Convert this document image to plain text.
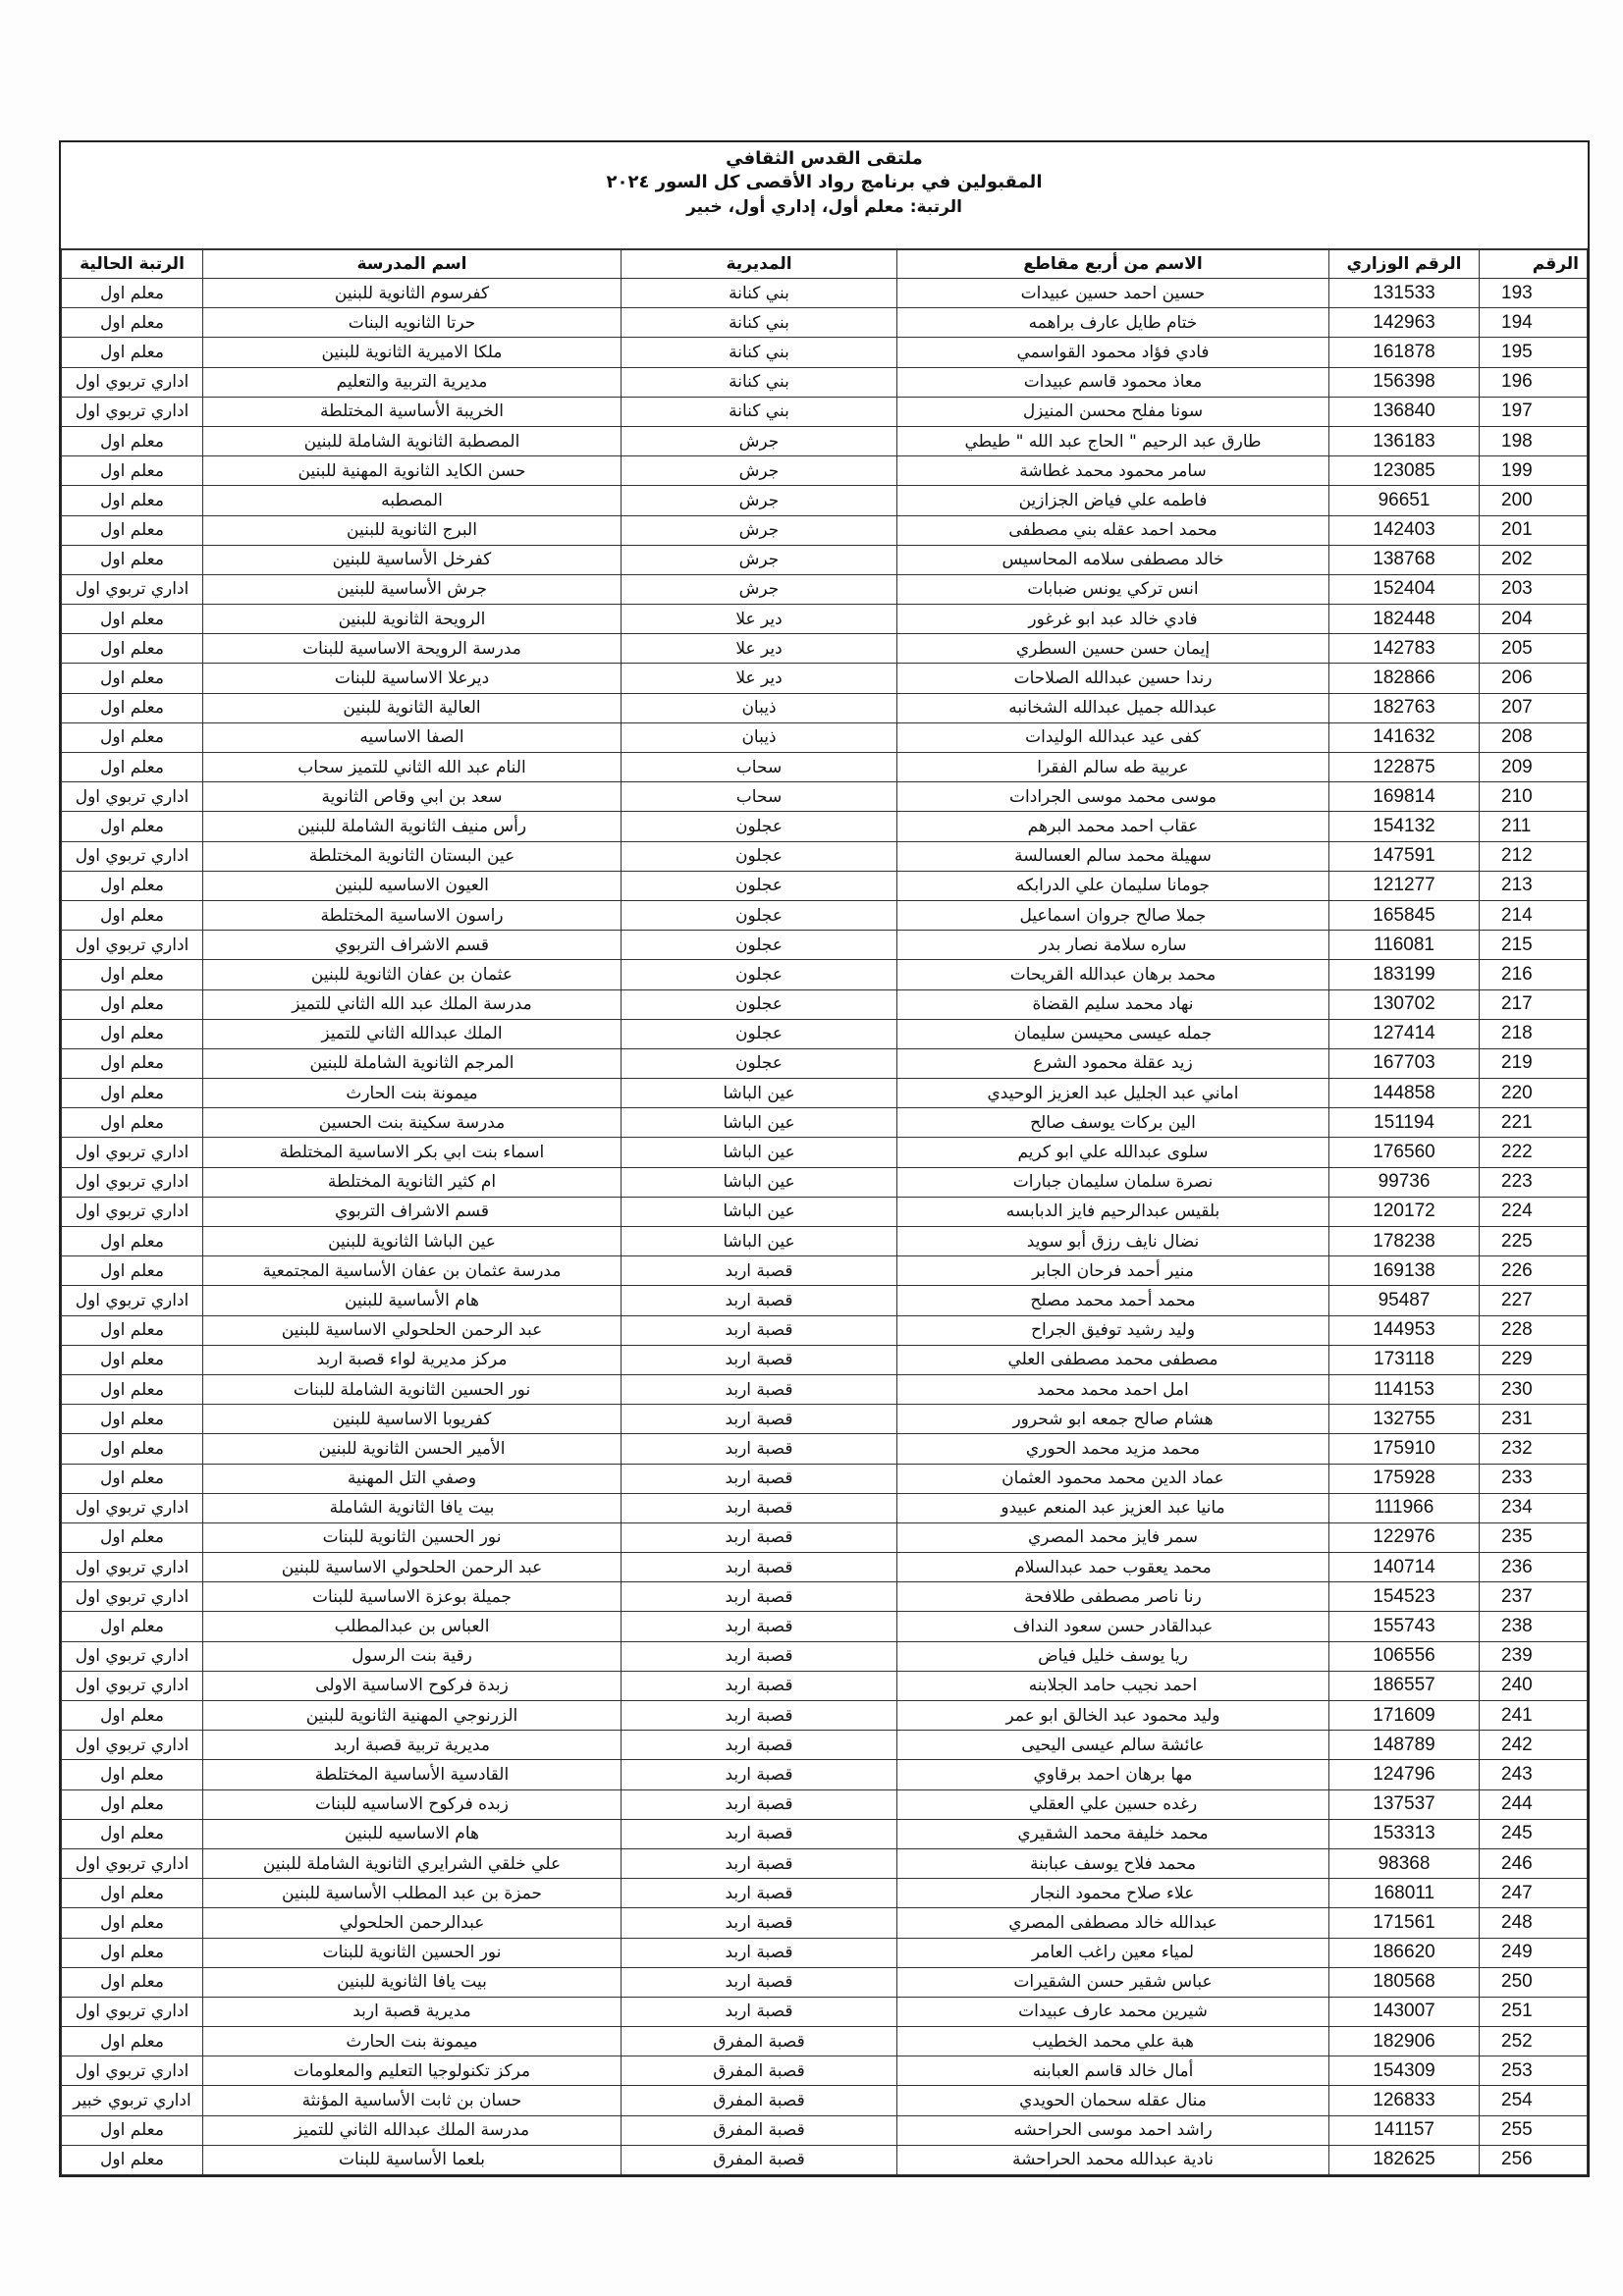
ملتقى القدس الثقافي
المقبولين في برنامج رواد الأقصى كل السور ٢٠٢٤
الرتبة: معلم أول، إداري أول، خبير
الرقم	الرقم الوزاري	الاسم من أربع مقاطع	المديرية	اسم المدرسة	الرتبة الحالية
193	131533	حسين احمد حسين عبيدات	بني كنانة	كفرسوم الثانوية للبنين	معلم اول
194	142963	ختام طايل عارف براهمه	بني كنانة	حرتا الثانويه البنات	معلم اول
195	161878	فادي فؤاد محمود القواسمي	بني كنانة	ملكا الاميرية الثانوية للبنين	معلم اول
196	156398	معاذ محمود قاسم عبيدات	بني كنانة	مديرية التربية والتعليم	اداري تربوي اول
197	136840	سونا مفلح محسن المنيزل	بني كنانة	الخريبة الأساسية المختلطة	اداري تربوي اول
198	136183	طارق عبد الرحيم " الحاج عبد الله " طيطي	جرش	المصطبة الثانوية الشاملة للبنين	معلم اول
199	123085	سامر محمود محمد غطاشة	جرش	حسن الكايد الثانوية المهنية للبنين	معلم اول
200	96651	فاطمه علي فياض الجزازين	جرش	المصطبه	معلم اول
201	142403	محمد احمد عقله بني مصطفى	جرش	البرج الثانوية للبنين	معلم اول
202	138768	خالد مصطفى سلامه المحاسيس	جرش	كفرخل الأساسية للبنين	معلم اول
203	152404	انس تركي يونس ضبابات	جرش	جرش الأساسية للبنين	اداري تربوي اول
204	182448	فادي خالد عبد ابو غرغور	دير علا	الرويحة الثانوية للبنين	معلم اول
205	142783	إيمان حسن حسين السطري	دير علا	مدرسة الرويحة الاساسية للبنات	معلم اول
206	182866	رندا حسين عبدالله الصلاحات	دير علا	ديرعلا الاساسية للبنات	معلم اول
207	182763	عبدالله جميل عبدالله الشخانبه	ذيبان	العالية الثانوية للبنين	معلم اول
208	141632	كفى عيد عبدالله الوليدات	ذيبان	الصفا الاساسيه	معلم اول
209	122875	عربية طه سالم الفقرا	سحاب	النام عبد الله الثاني للتميز سحاب	معلم اول
210	169814	موسى محمد موسى الجرادات	سحاب	سعد بن ابي وقاص الثانوية	اداري تربوي اول
211	154132	عقاب احمد محمد البرهم	عجلون	رأس منيف الثانوية الشاملة للبنين	معلم اول
212	147591	سهيلة محمد سالم العسالسة	عجلون	عين البستان الثانوية المختلطة	اداري تربوي اول
213	121277	جومانا سليمان علي الدرابكه	عجلون	العيون الاساسيه للبنين	معلم اول
214	165845	جملا صالح جروان اسماعيل	عجلون	راسون الاساسية المختلطة	معلم اول
215	116081	ساره سلامة نصار بدر	عجلون	قسم الاشراف التربوي	اداري تربوي اول
216	183199	محمد برهان عبدالله القريحات	عجلون	عثمان بن عفان الثانوية للبنين	معلم اول
217	130702	نهاد محمد سليم القضاة	عجلون	مدرسة الملك عبد الله الثاني للتميز	معلم اول
218	127414	جمله عيسى محيسن سليمان	عجلون	الملك عبدالله الثاني للتميز	معلم اول
219	167703	زيد عقلة محمود الشرع	عجلون	المرجم الثانوية الشاملة للبنين	معلم اول
220	144858	اماني عبد الجليل عبد العزيز الوحيدي	عين الباشا	ميمونة بنت الحارث	معلم اول
221	151194	الين بركات يوسف صالح	عين الباشا	مدرسة سكينة بنت الحسين	معلم اول
222	176560	سلوى عبدالله علي ابو كريم	عين الباشا	اسماء بنت ابي بكر الاساسية المختلطة	اداري تربوي اول
223	99736	نصرة سلمان سليمان جبارات	عين الباشا	ام كثير الثانوية المختلطة	اداري تربوي اول
224	120172	بلقيس عبدالرحيم فايز الدبابسه	عين الباشا	قسم الاشراف التربوي	اداري تربوي اول
225	178238	نضال نايف رزق أبو سويد	عين الباشا	عين الباشا الثانوية للبنين	معلم اول
226	169138	منير أحمد فرحان الجابر	قصبة اربد	مدرسة عثمان بن عفان الأساسية المجتمعية	معلم اول
227	95487	محمد أحمد محمد مصلح	قصبة اربد	هام الأساسية للبنين	اداري تربوي اول
228	144953	وليد رشيد توفيق الجراح	قصبة اربد	عبد الرحمن الحلحولي الاساسية للبنين	معلم اول
229	173118	مصطفى محمد مصطفى العلي	قصبة اربد	مركز مديرية لواء قصبة اربد	معلم اول
230	114153	امل احمد محمد محمد	قصبة اربد	نور الحسين الثانوية الشاملة للبنات	معلم اول
231	132755	هشام صالح جمعه ابو شحرور	قصبة اربد	كفريوبا الاساسية للبنين	معلم اول
232	175910	محمد مزيد محمد الحوري	قصبة اربد	الأمير الحسن الثانوية للبنين	معلم اول
233	175928	عماد الدين محمد محمود العثمان	قصبة اربد	وصفي التل المهنية	معلم اول
234	111966	مانيا عبد العزيز عبد المنعم عبيدو	قصبة اربد	بيت يافا الثانوية الشاملة	اداري تربوي اول
235	122976	سمر فايز محمد المصري	قصبة اربد	نور الحسين الثانوية للبنات	معلم اول
236	140714	محمد يعقوب حمد عبدالسلام	قصبة اربد	عبد الرحمن الحلحولي الاساسية للبنين	اداري تربوي اول
237	154523	رنا ناصر مصطفى طلافحة	قصبة اربد	جميلة بوعزة الاساسية للبنات	اداري تربوي اول
238	155743	عبدالقادر حسن سعود النداف	قصبة اربد	العباس بن عبدالمطلب	معلم اول
239	106556	ريا يوسف خليل فياض	قصبة اربد	رقية بنت الرسول	اداري تربوي اول
240	186557	احمد نجيب حامد الجلابنه	قصبة اربد	زبدة فركوح الاساسية الاولى	اداري تربوي اول
241	171609	وليد محمود عبد الخالق ابو عمر	قصبة اربد	الزرنوجي المهنية الثانوية للبنين	معلم اول
242	148789	عائشة سالم عيسى اليحيى	قصبة اربد	مديرية تربية قصبة اربد	اداري تربوي اول
243	124796	مها برهان احمد برقاوي	قصبة اربد	القادسية الأساسية المختلطة	معلم اول
244	137537	رغده حسين علي العقلي	قصبة اربد	زبده فركوح الاساسيه للبنات	معلم اول
245	153313	محمد خليفة محمد الشقيري	قصبة اربد	هام الاساسيه للبنين	معلم اول
246	98368	محمد فلاح يوسف عبابنة	قصبة اربد	علي خلقي الشرايري الثانوية الشاملة للبنين	اداري تربوي اول
247	168011	علاء صلاح محمود النجار	قصبة اربد	حمزة بن عبد المطلب الأساسية للبنين	معلم اول
248	171561	عبدالله خالد مصطفى المصري	قصبة اربد	عبدالرحمن الحلحولي	معلم اول
249	186620	لمياء معين راغب العامر	قصبة اربد	نور الحسين الثانوية للبنات	معلم اول
250	180568	عباس شقير حسن الشقيرات	قصبة اربد	بيت يافا الثانوية للبنين	معلم اول
251	143007	شيرين محمد عارف عبيدات	قصبة اربد	مديرية قصبة اربد	اداري تربوي اول
252	182906	هبة علي محمد الخطيب	قصبة المفرق	ميمونة بنت الحارث	معلم اول
253	154309	أمال خالد قاسم العبابنه	قصبة المفرق	مركز تكنولوجيا التعليم والمعلومات	اداري تربوي اول
254	126833	منال عقله سحمان الحويدي	قصبة المفرق	حسان بن ثابت الأساسية المؤنثة	اداري تربوي خبير
255	141157	راشد احمد موسى الحراحشه	قصبة المفرق	مدرسة الملك عبدالله الثاني للتميز	معلم اول
256	182625	نادية عبدالله محمد الحراحشة	قصبة المفرق	بلعما الأساسية للبنات	معلم اول
